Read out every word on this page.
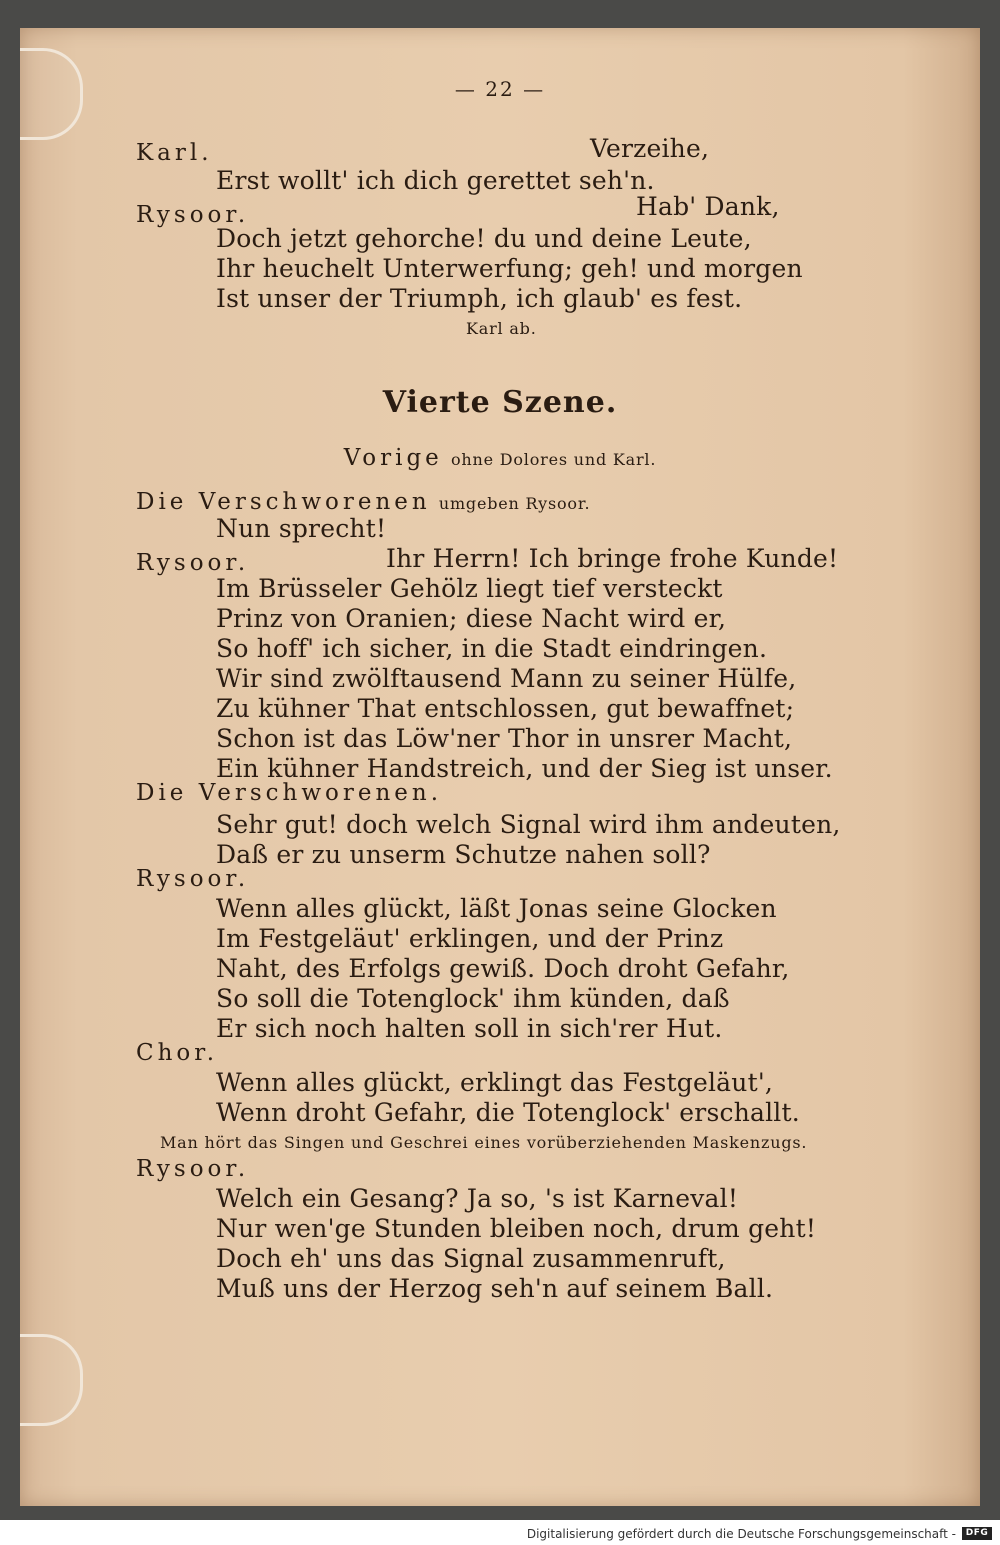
— 22 —
Karl.	Verzeihe,
Erst wollt' ich dich gerettet seh'n.
Rysoor.	Hab' Dank,
Doch jetzt gehorche! du und deine Leute,
Ihr heuchelt Unterwerfung; geh! und morgen
Ist unser der Triumph, ich glaub' es fest.
Karl ab.
Vierte Szene.
Vorige ohne Dolores und Karl.
Die Verschworenen umgeben Rysoor.
Nun sprecht!
Rysoor.	Ihr Herrn! Ich bringe frohe Kunde!
Im Brüsseler Gehölz liegt tief versteckt
Prinz von Oranien; diese Nacht wird er,
So hoff' ich sicher, in die Stadt eindringen.
Wir sind zwölftausend Mann zu seiner Hülfe,
Zu kühner That entschlossen, gut bewaffnet;
Schon ist das Löw'ner Thor in unsrer Macht,
Ein kühner Handstreich, und der Sieg ist unser.
Die Verschworenen.
Sehr gut! doch welch Signal wird ihm andeuten,
Daß er zu unserm Schutze nahen soll?
Rysoor.
Wenn alles glückt, läßt Jonas seine Glocken
Im Festgeläut' erklingen, und der Prinz
Naht, des Erfolgs gewiß. Doch droht Gefahr,
So soll die Totenglock' ihm künden, daß
Er sich noch halten soll in sich'rer Hut.
Chor.
Wenn alles glückt, erklingt das Festgeläut',
Wenn droht Gefahr, die Totenglock' erschallt.
Man hört das Singen und Geschrei eines vorüberziehenden Maskenzugs.
Rysoor.
Welch ein Gesang? Ja so, 's ist Karneval!
Nur wen'ge Stunden bleiben noch, drum geht!
Doch eh' uns das Signal zusammenruft,
Muß uns der Herzog seh'n auf seinem Ball.
Digitalisierung gefördert durch die Deutsche Forschungsgemeinschaft -	DFG
